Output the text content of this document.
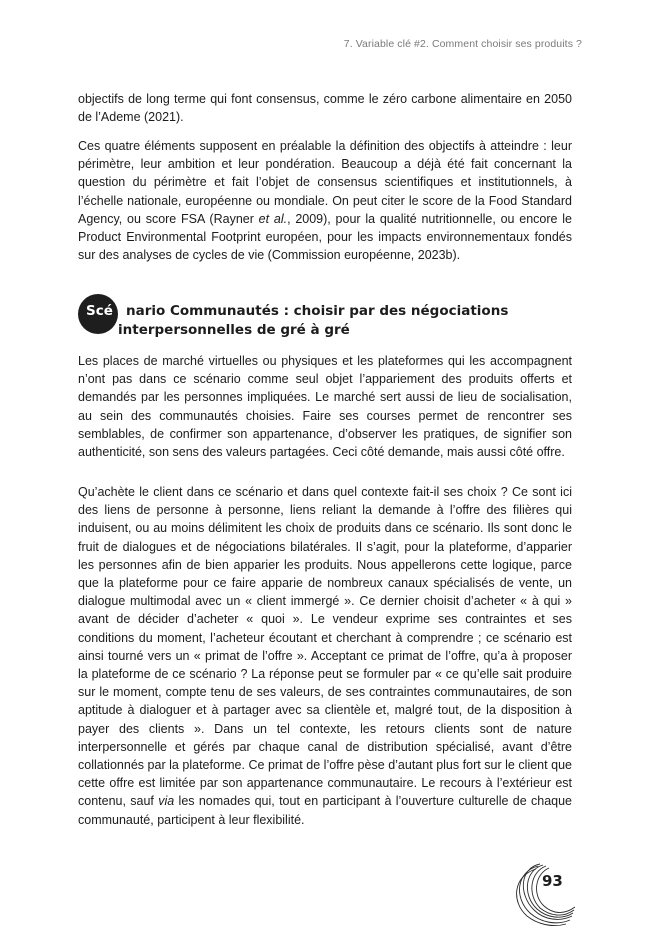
7. Variable clé #2. Comment choisir ses produits ?

objectifs de long terme qui font consensus, comme le zéro carbone alimentaire en 2050 de l’Ademe (2021).

Ces quatre éléments supposent en préalable la définition des objectifs à atteindre : leur périmètre, leur ambition et leur pondération. Beaucoup a déjà été fait concernant la question du périmètre et fait l’objet de consensus scientifiques et institutionnels, à l’échelle nationale, européenne ou mondiale. On peut citer le score de la Food Standard Agency, ou score FSA (Rayner et al., 2009), pour la qualité nutritionnelle, ou encore le Product Environmental Footprint européen, pour les impacts environnementaux fondés sur des analyses de cycles de vie (Commission européenne, 2023b).

Scé nario Communautés : choisir par des négociations
interpersonnelles de gré à gré

Les places de marché virtuelles ou physiques et les plateformes qui les accompagnent n’ont pas dans ce scénario comme seul objet l’appariement des produits offerts et demandés par les personnes impliquées. Le marché sert aussi de lieu de socialisation, au sein des communautés choisies. Faire ses courses permet de rencontrer ses semblables, de confirmer son appartenance, d’observer les pratiques, de signifier son authenticité, son sens des valeurs partagées. Ceci côté demande, mais aussi côté offre.

Qu’achète le client dans ce scénario et dans quel contexte fait-il ses choix ? Ce sont ici des liens de personne à personne, liens reliant la demande à l’offre des filières qui induisent, ou au moins délimitent les choix de produits dans ce scénario. Ils sont donc le fruit de dialogues et de négociations bilatérales. Il s’agit, pour la plateforme, d’apparier les personnes afin de bien apparier les produits. Nous appellerons cette logique, parce que la plateforme pour ce faire apparie de nombreux canaux spécialisés de vente, un dialogue multimodal avec un « client immergé ». Ce dernier choisit d’acheter « à qui » avant de décider d’acheter « quoi ». Le vendeur exprime ses contraintes et ses conditions du moment, l’acheteur écoutant et cherchant à comprendre ; ce scénario est ainsi tourné vers un « primat de l’offre ». Acceptant ce primat de l’offre, qu’a à proposer la plateforme de ce scénario ? La réponse peut se formuler par « ce qu’elle sait produire sur le moment, compte tenu de ses valeurs, de ses contraintes communautaires, de son aptitude à dialoguer et à partager avec sa clientèle et, malgré tout, de la disposition à payer des clients ». Dans un tel contexte, les retours clients sont de nature interpersonnelle et gérés par chaque canal de distribution spécialisé, avant d’être collationnés par la plateforme. Ce primat de l’offre pèse d’autant plus fort sur le client que cette offre est limitée par son appartenance communautaire. Le recours à l’extérieur est contenu, sauf via les nomades qui, tout en participant à l’ouverture culturelle de chaque communauté, participent à leur flexibilité.

93
